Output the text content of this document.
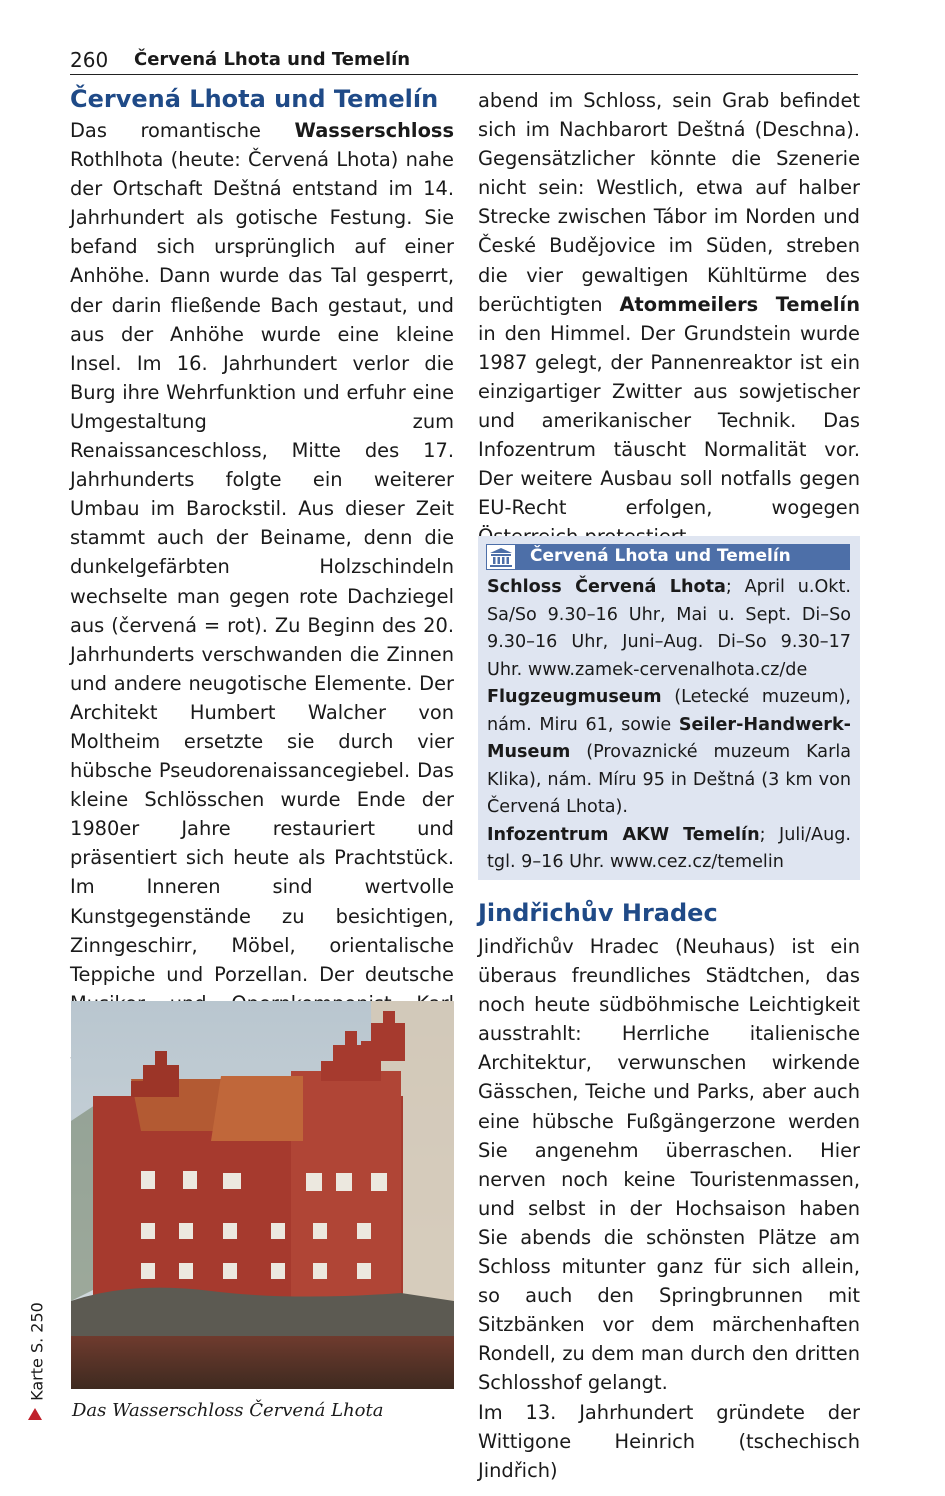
260 Červená Lhota und Temelín
Červená Lhota und Temelín

Das romantische Wasserschloss Rothlhota (heute: Červená Lhota) nahe der Ortschaft Deštná entstand im 14. Jahrhundert als gotische Festung. Sie befand sich ursprünglich auf einer Anhöhe. Dann wurde das Tal gesperrt, der darin fließende Bach gestaut, und aus der Anhöhe wurde eine kleine Insel. Im 16. Jahrhundert verlor die Burg ihre Wehrfunktion und erfuhr eine Umgestaltung zum Renaissanceschloss, Mitte des 17. Jahrhunderts folgte ein weiterer Umbau im Barockstil. Aus dieser Zeit stammt auch der Beiname, denn die dunkelgefärbten Holzschindeln wechselte man gegen rote Dachziegel aus (červená = rot). Zu Beginn des 20. Jahrhunderts verschwanden die Zinnen und andere neugotische Elemente. Der Architekt Humbert Walcher von Moltheim ersetzte sie durch vier hübsche Pseudorenaissancegiebel. Das kleine Schlösschen wurde Ende der 1980er Jahre restauriert und präsentiert sich heute als Prachtstück. Im Inneren sind wertvolle Kunstgegenstände zu besichtigen, Zinngeschirr, Möbel, orientalische Teppiche und Porzellan. Der deutsche

Das Wasserschloss Červená Lhota
Karte S. 250

abend im Schloss, sein Grab befindet sich im Nachbarort Deštná (Deschna). Gegensätzlicher könnte die Szenerie nicht sein: Westlich, etwa auf halber Strecke zwischen Tábor im Norden und České Budějovice im Süden, streben die vier gewaltigen Kühltürme des berüchtigten Atommeilers Temelín in den Himmel. Der Grundstein wurde 1987 gelegt, der Pannenreaktor ist ein einzigartiger Zwitter aus sowjetischer und amerikanischer Technik. Das Infozentrum täuscht Normalität vor. Der weitere Ausbau soll notfalls gegen EU-Recht erfolgen, wogegen

Červená Lhota und Temelín

Schloss Červená Lhota; April u.Okt. Sa/So 9.30–16 Uhr, Mai u. Sept. Di–So 9.30–16 Uhr, Juni–Aug. Di–So 9.30–17 Uhr. www.zamek-cervenalhota.cz/de

Flugzeugmuseum (Letecké muzeum), nám. Miru 61, sowie Seiler-Handwerk-Museum (Provaznické muzeum Karla Klika), nám. Míru 95 in Deštná (3 km von Červená Lhota).

Infozentrum AKW Temelín; Juli/Aug. tgl. 9–16 Uhr. www.cez.cz/temelin

Jindřichův Hradec

Jindřichův Hradec (Neuhaus) ist ein überaus freundliches Städtchen, das noch heute südböhmische Leichtigkeit ausstrahlt: Herrliche italienische Architektur, verwunschen wirkende Gässchen, Teiche und Parks, aber auch eine hübsche Fußgängerzone werden Sie angenehm überraschen. Hier nerven noch keine Touristenmassen, und selbst in der Hochsaison haben Sie abends die schönsten Plätze am Schloss mitunter ganz für sich allein, so auch den Springbrunnen mit Sitzbänken vor dem märchenhaften Rondell, zu dem man durch den dritten Schlosshof gelangt.

Im 13. Jahrhundert gründete der Wittigone Heinrich (tschechisch Jindřich)
